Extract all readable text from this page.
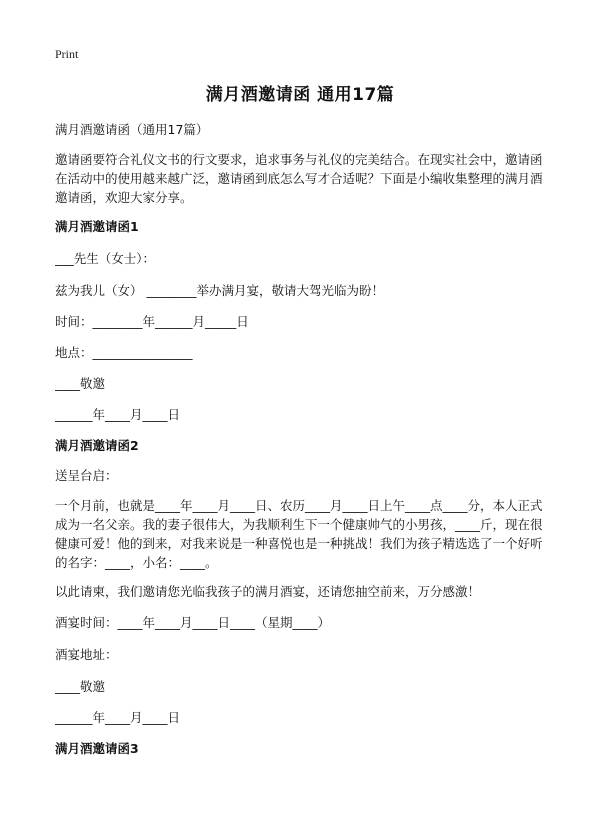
Print
满月酒邀请函 通用17篇
满月酒邀请函（通用17篇）
邀请函要符合礼仪文书的行文要求，追求事务与礼仪的完美结合。在现实社会中，邀请函在活动中的使用越来越广泛，邀请函到底怎么写才合适呢？下面是小编收集整理的满月酒邀请函，欢迎大家分享。
满月酒邀请函1
___先生（女士）：
兹为我儿（女） ________举办满月宴，敬请大驾光临为盼！
时间：________年______月_____日
地点：________________
____敬邀
______年____月____日
满月酒邀请函2
送呈台启：
一个月前，也就是____年____月____日、农历____月____日上午____点____分，本人正式成为一名父亲。我的妻子很伟大，为我顺利生下一个健康帅气的小男孩，____斤，现在很健康可爱！他的到来，对我来说是一种喜悦也是一种挑战！我们为孩子精选选了一个好听的名字：____，小名：____。
以此请柬，我们邀请您光临我孩子的满月酒宴，还请您抽空前来，万分感激！
酒宴时间：____年____月____日____（星期____）
酒宴地址：
____敬邀
______年____月____日
满月酒邀请函3
